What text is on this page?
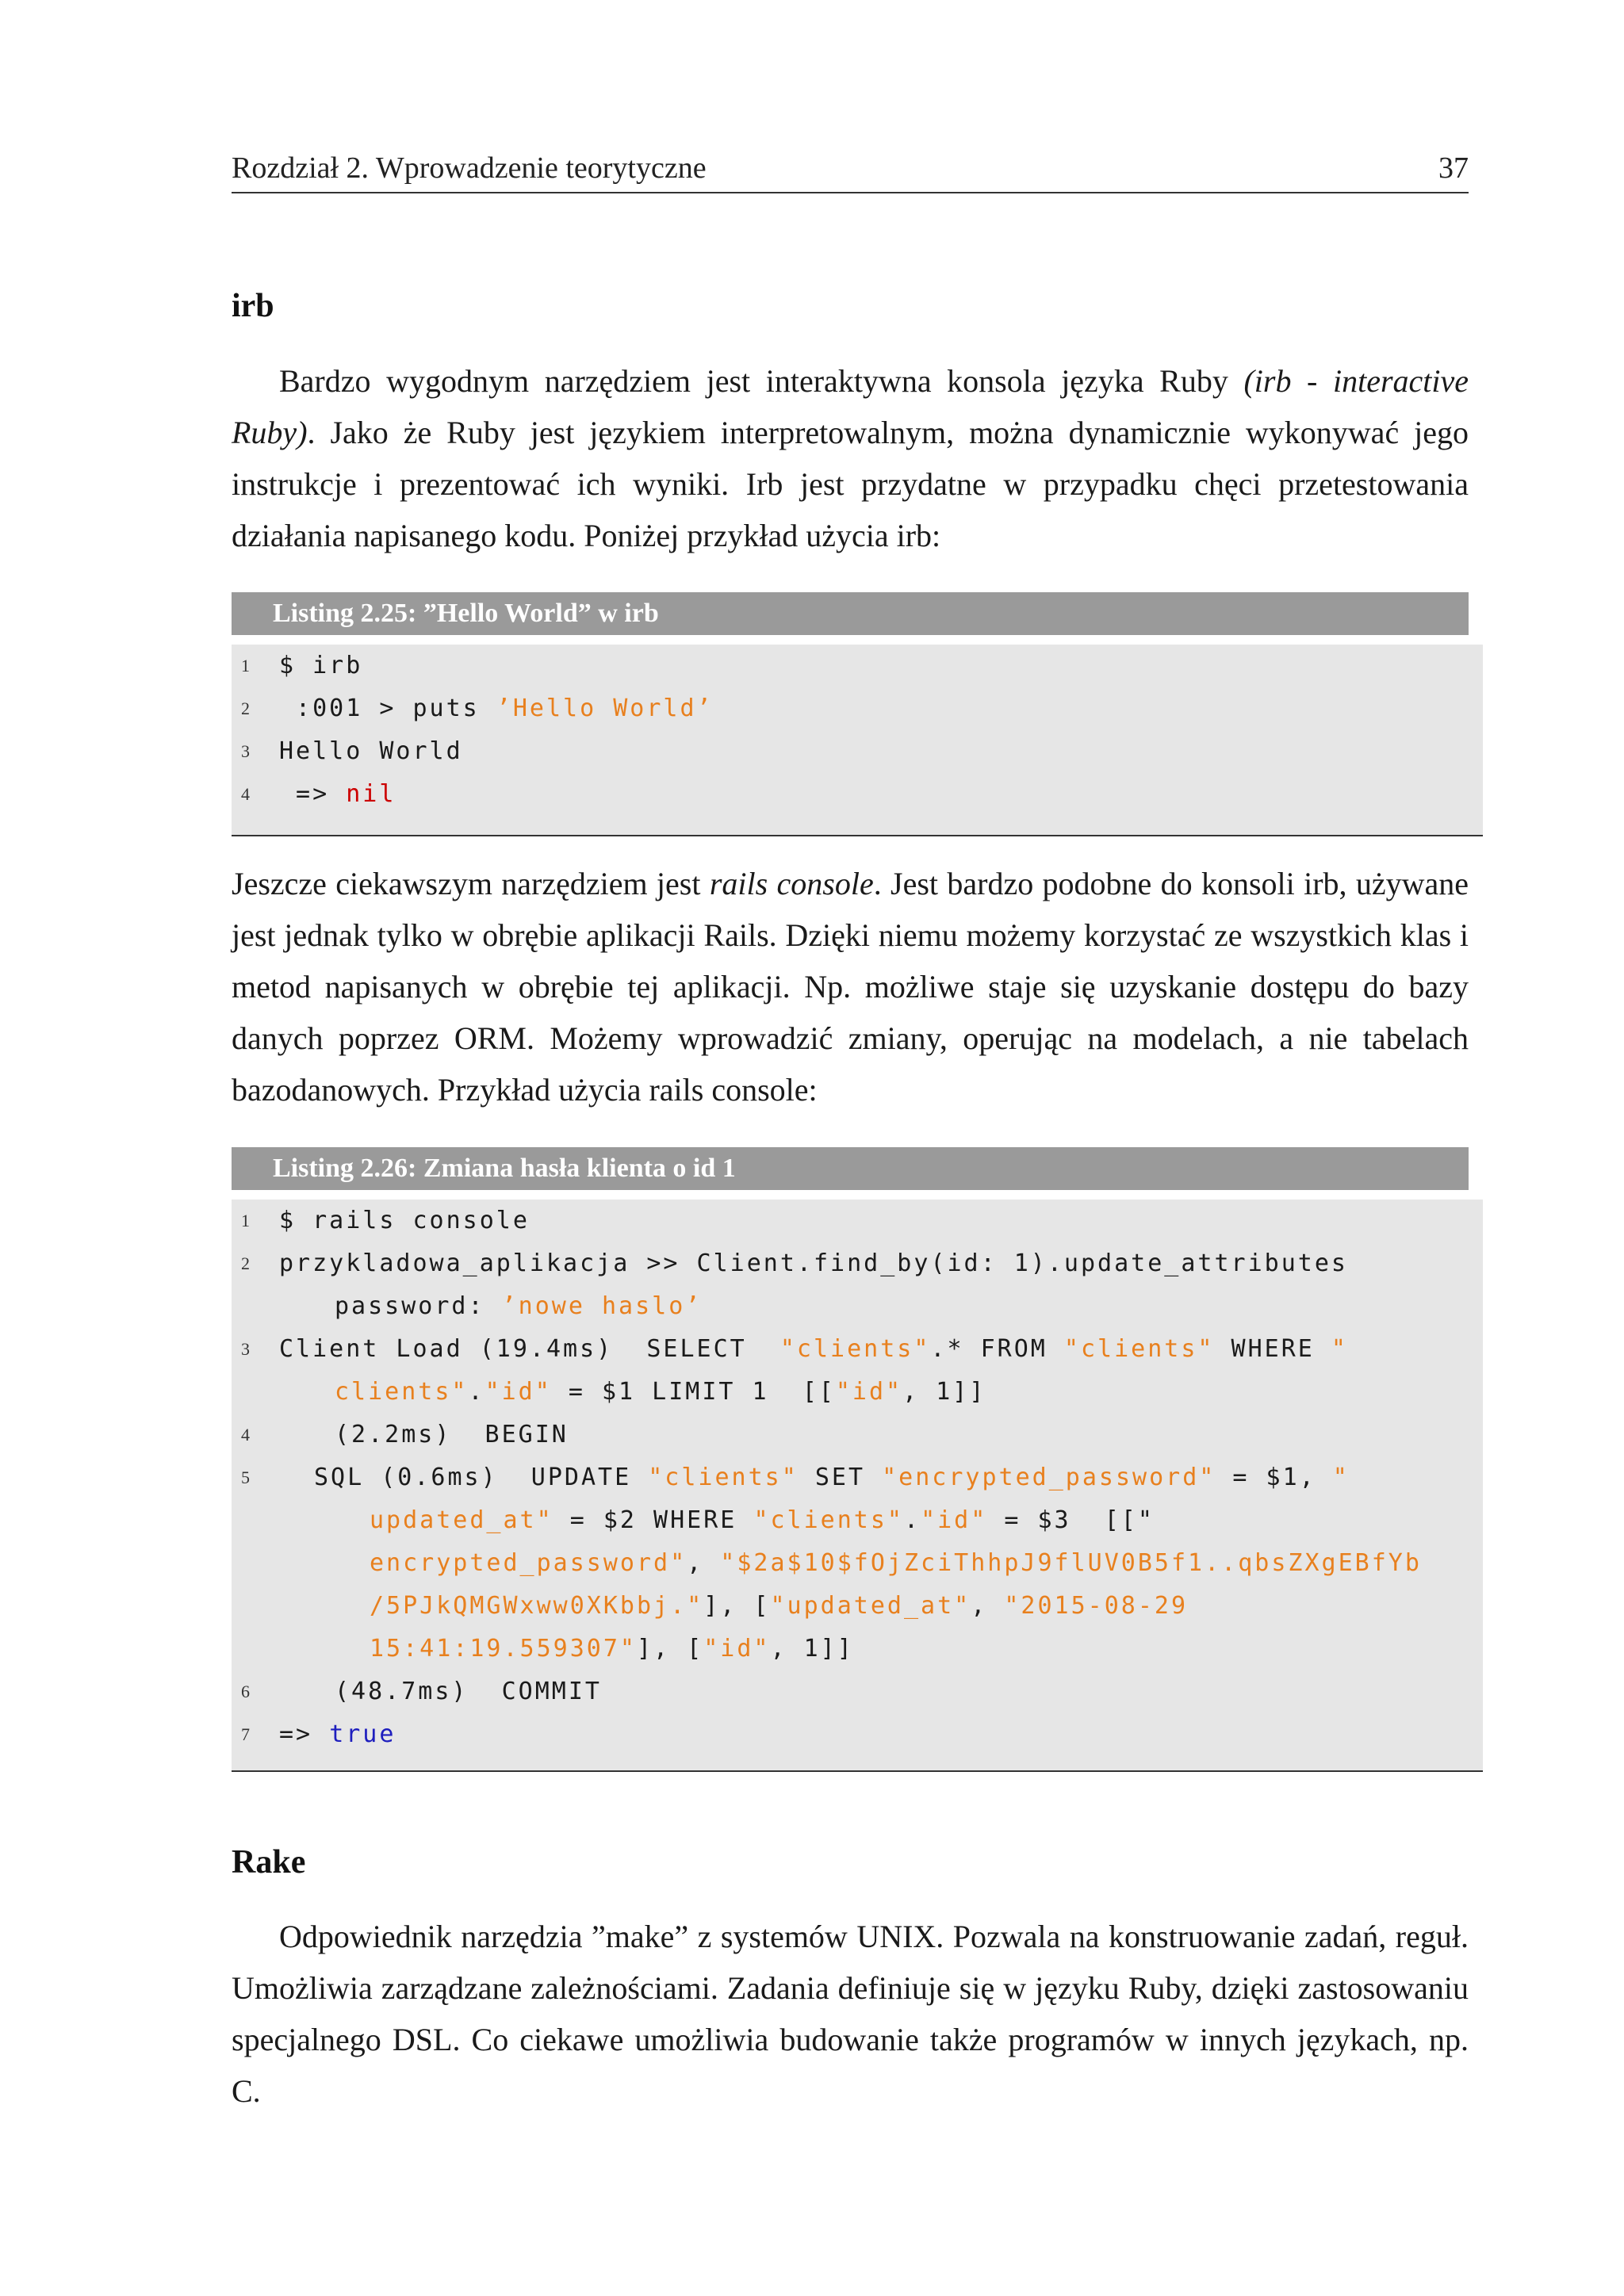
Rozdział 2. Wprowadzenie teorytyczne	37
irb

Bardzo wygodnym narzędziem jest interaktywna konsola języka Ruby (irb - interactive Ruby). Jako że Ruby jest językiem interpretowalnym, można dynamicznie wykonywać jego instrukcje i prezentować ich wyniki. Irb jest przydatne w przypadku chęci przetestowania działania napisanego kodu. Poniżej przykład użycia irb:

Listing 2.25: ”Hello World” w irb
1	$ irb
2	:001 > puts ’Hello World’
3	Hello World
4	=> nil

Jeszcze ciekawszym narzędziem jest rails console. Jest bardzo podobne do konsoli irb, używane jest jednak tylko w obrębie aplikacji Rails. Dzięki niemu możemy korzystać ze wszystkich klas i metod napisanych w obrębie tej aplikacji. Np. możliwe staje się uzyskanie dostępu do bazy danych poprzez ORM. Możemy wprowadzić zmiany, operując na modelach, a nie tabelach bazodanowych. Przykład użycia rails console:

Listing 2.26: Zmiana hasła klienta o id 1
1	$ rails console
2	przykladowa_aplikacja >> Client.find_by(id: 1).update_attributes
password: ’nowe haslo’
3	Client Load (19.4ms)  SELECT  "clients".* FROM "clients" WHERE "
clients"."id" = $1 LIMIT 1  [["id", 1]]
4	(2.2ms)  BEGIN
5	SQL (0.6ms)  UPDATE "clients" SET "encrypted_password" = $1, "
updated_at" = $2 WHERE "clients"."id" = $3  [["
encrypted_password", "$2a$10$fOjZciThhpJ9flUV0B5f1..qbsZXgEBfYb
/5PJkQMGWxww0XKbbj."], ["updated_at", "2015-08-29
15:41:19.559307"], ["id", 1]]
6	(48.7ms)  COMMIT
7	=> true
Rake

Odpowiednik narzędzia ”make” z systemów UNIX. Pozwala na konstruowanie zadań, reguł. Umożliwia zarządzane zależnościami. Zadania definiuje się w języku Ruby, dzięki zastosowaniu specjalnego DSL. Co ciekawe umożliwia budowanie także programów w innych językach, np. C.
